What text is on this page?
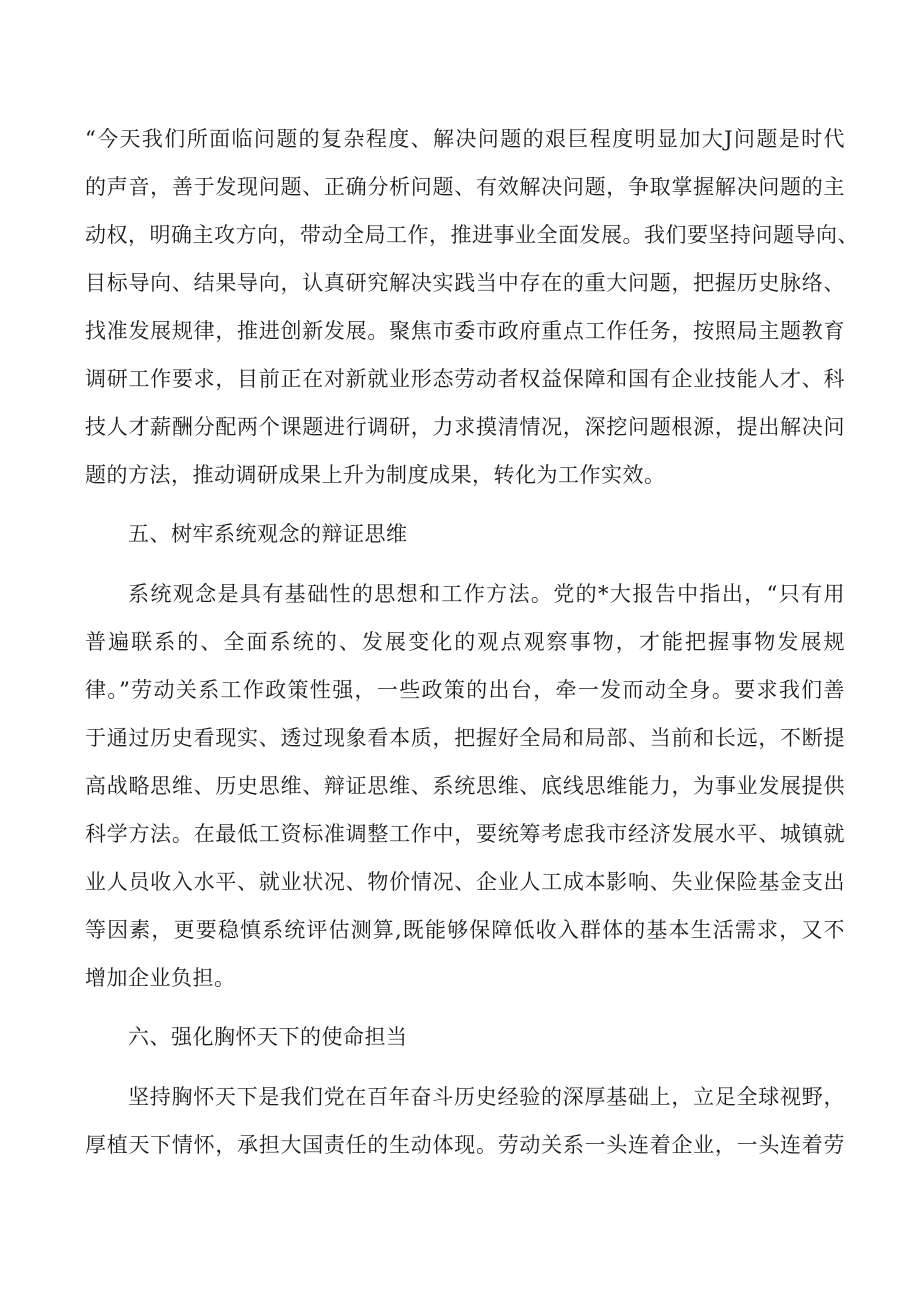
“今天我们所面临问题的复杂程度、解决问题的艰巨程度明显加大J问题是时代
的声音，善于发现问题、正确分析问题、有效解决问题，争取掌握解决问题的主
动权，明确主攻方向，带动全局工作，推进事业全面发展。我们要坚持问题导向、
目标导向、结果导向，认真研究解决实践当中存在的重大问题，把握历史脉络、
找准发展规律，推进创新发展。聚焦市委市政府重点工作任务，按照局主题教育
调研工作要求，目前正在对新就业形态劳动者权益保障和国有企业技能人才、科
技人才薪酬分配两个课题进行调研，力求摸清情况，深挖问题根源，提出解决问
题的方法，推动调研成果上升为制度成果，转化为工作实效。
五、树牢系统观念的辩证思维
系统观念是具有基础性的思想和工作方法。党的*大报告中指出，“只有用
普遍联系的、全面系统的、发展变化的观点观察事物，才能把握事物发展规
律。”劳动关系工作政策性强，一些政策的出台，牵一发而动全身。要求我们善
于通过历史看现实、透过现象看本质，把握好全局和局部、当前和长远，不断提
高战略思维、历史思维、辩证思维、系统思维、底线思维能力，为事业发展提供
科学方法。在最低工资标准调整工作中，要统筹考虑我市经济发展水平、城镇就
业人员收入水平、就业状况、物价情况、企业人工成本影响、失业保险基金支出
等因素，更要稳慎系统评估测算,既能够保障低收入群体的基本生活需求，又不
增加企业负担。
六、强化胸怀天下的使命担当
坚持胸怀天下是我们党在百年奋斗历史经验的深厚基础上，立足全球视野，
厚植天下情怀，承担大国责任的生动体现。劳动关系一头连着企业，一头连着劳
